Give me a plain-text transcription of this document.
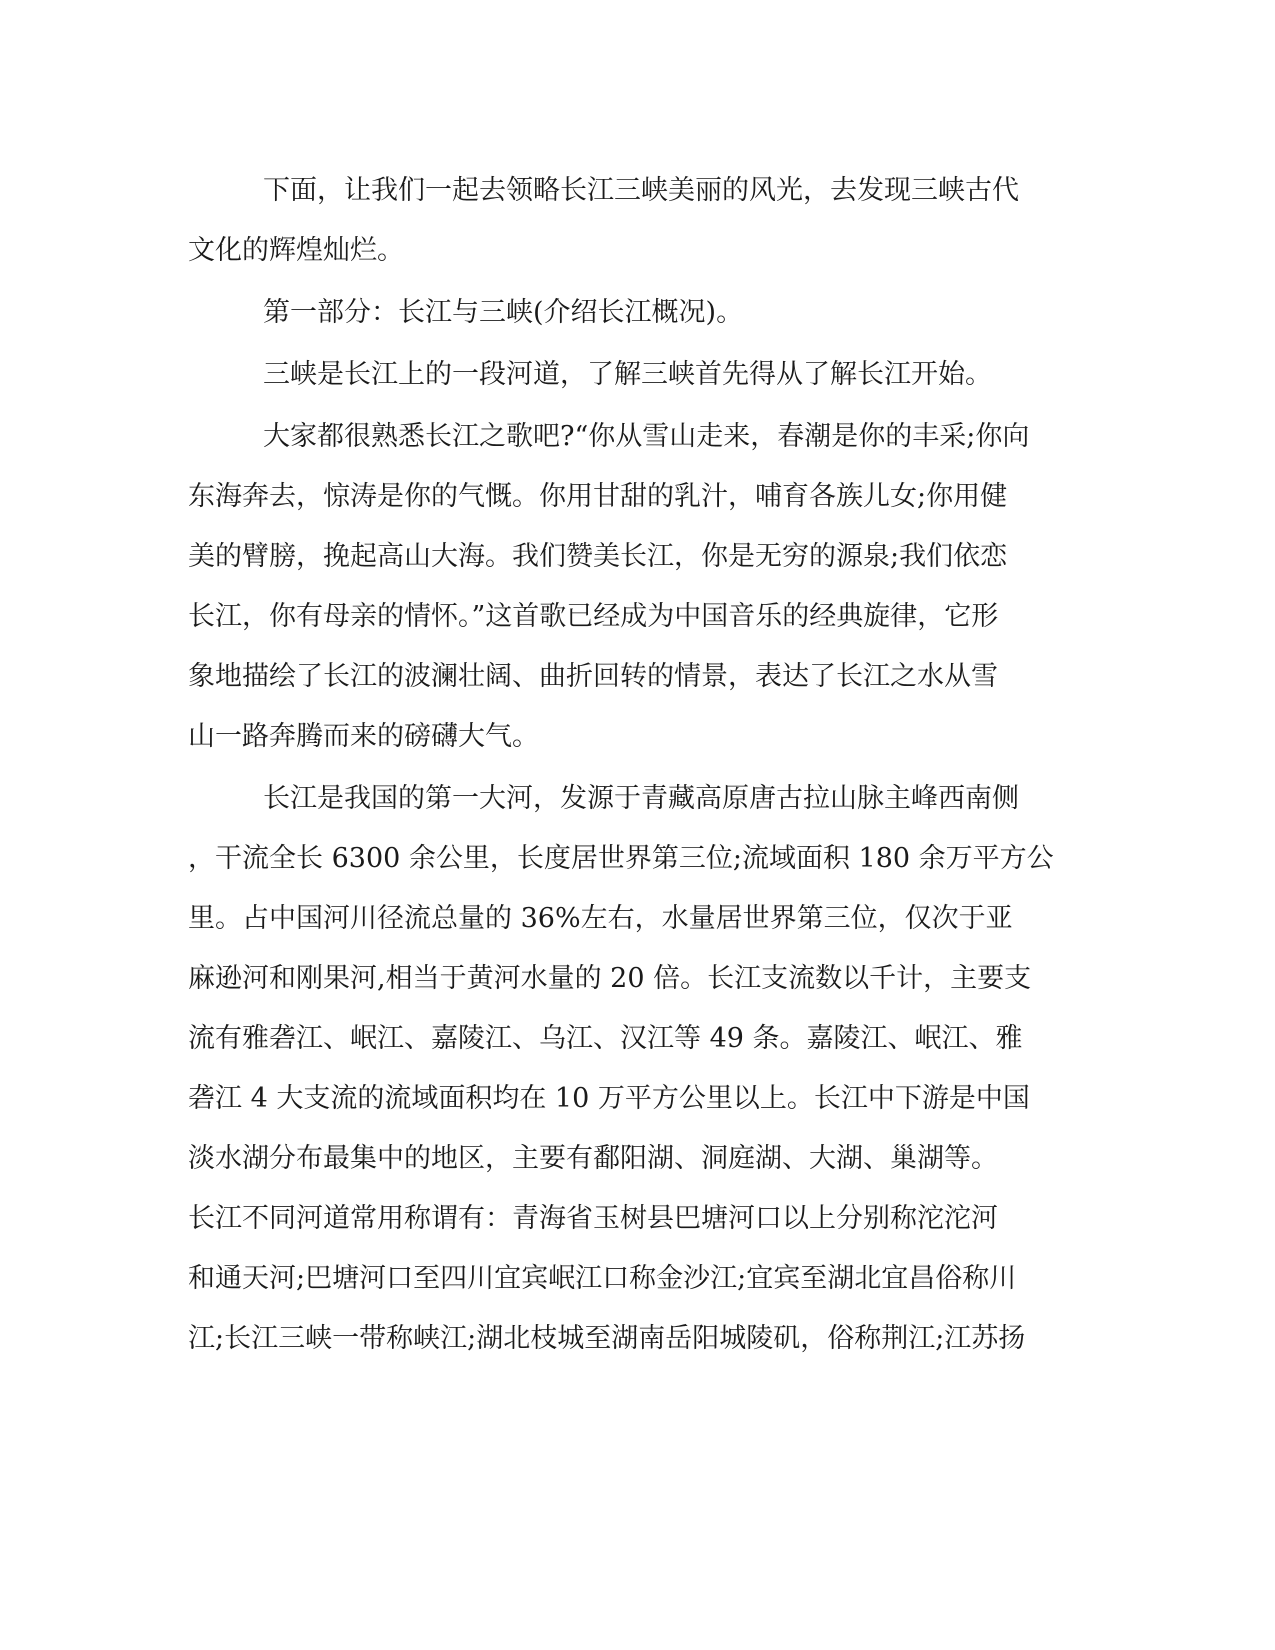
下面，让我们一起去领略长江三峡美丽的风光，去发现三峡古代
文化的辉煌灿烂。
第一部分：长江与三峡(介绍长江概况)。
三峡是长江上的一段河道，了解三峡首先得从了解长江开始。
大家都很熟悉长江之歌吧?“你从雪山走来，春潮是你的丰采;你向
东海奔去，惊涛是你的气慨。你用甘甜的乳汁，哺育各族儿女;你用健
美的臂膀，挽起高山大海。我们赞美长江，你是无穷的源泉;我们依恋
长江，你有母亲的情怀。”这首歌已经成为中国音乐的经典旋律，它形
象地描绘了长江的波澜壮阔、曲折回转的情景，表达了长江之水从雪
山一路奔腾而来的磅礴大气。
长江是我国的第一大河，发源于青藏高原唐古拉山脉主峰西南侧
，干流全长 6300 余公里，长度居世界第三位;流域面积 180 余万平方公
里。占中国河川径流总量的 36%左右，水量居世界第三位，仅次于亚
麻逊河和刚果河,相当于黄河水量的 20 倍。长江支流数以千计，主要支
流有雅砻江、岷江、嘉陵江、乌江、汉江等 49 条。嘉陵江、岷江、雅
砻江 4 大支流的流域面积均在 10 万平方公里以上。长江中下游是中国
淡水湖分布最集中的地区，主要有鄱阳湖、洞庭湖、大湖、巢湖等。
长江不同河道常用称谓有：青海省玉树县巴塘河口以上分别称沱沱河
和通天河;巴塘河口至四川宜宾岷江口称金沙江;宜宾至湖北宜昌俗称川
江;长江三峡一带称峡江;湖北枝城至湖南岳阳城陵矶，俗称荆江;江苏扬
